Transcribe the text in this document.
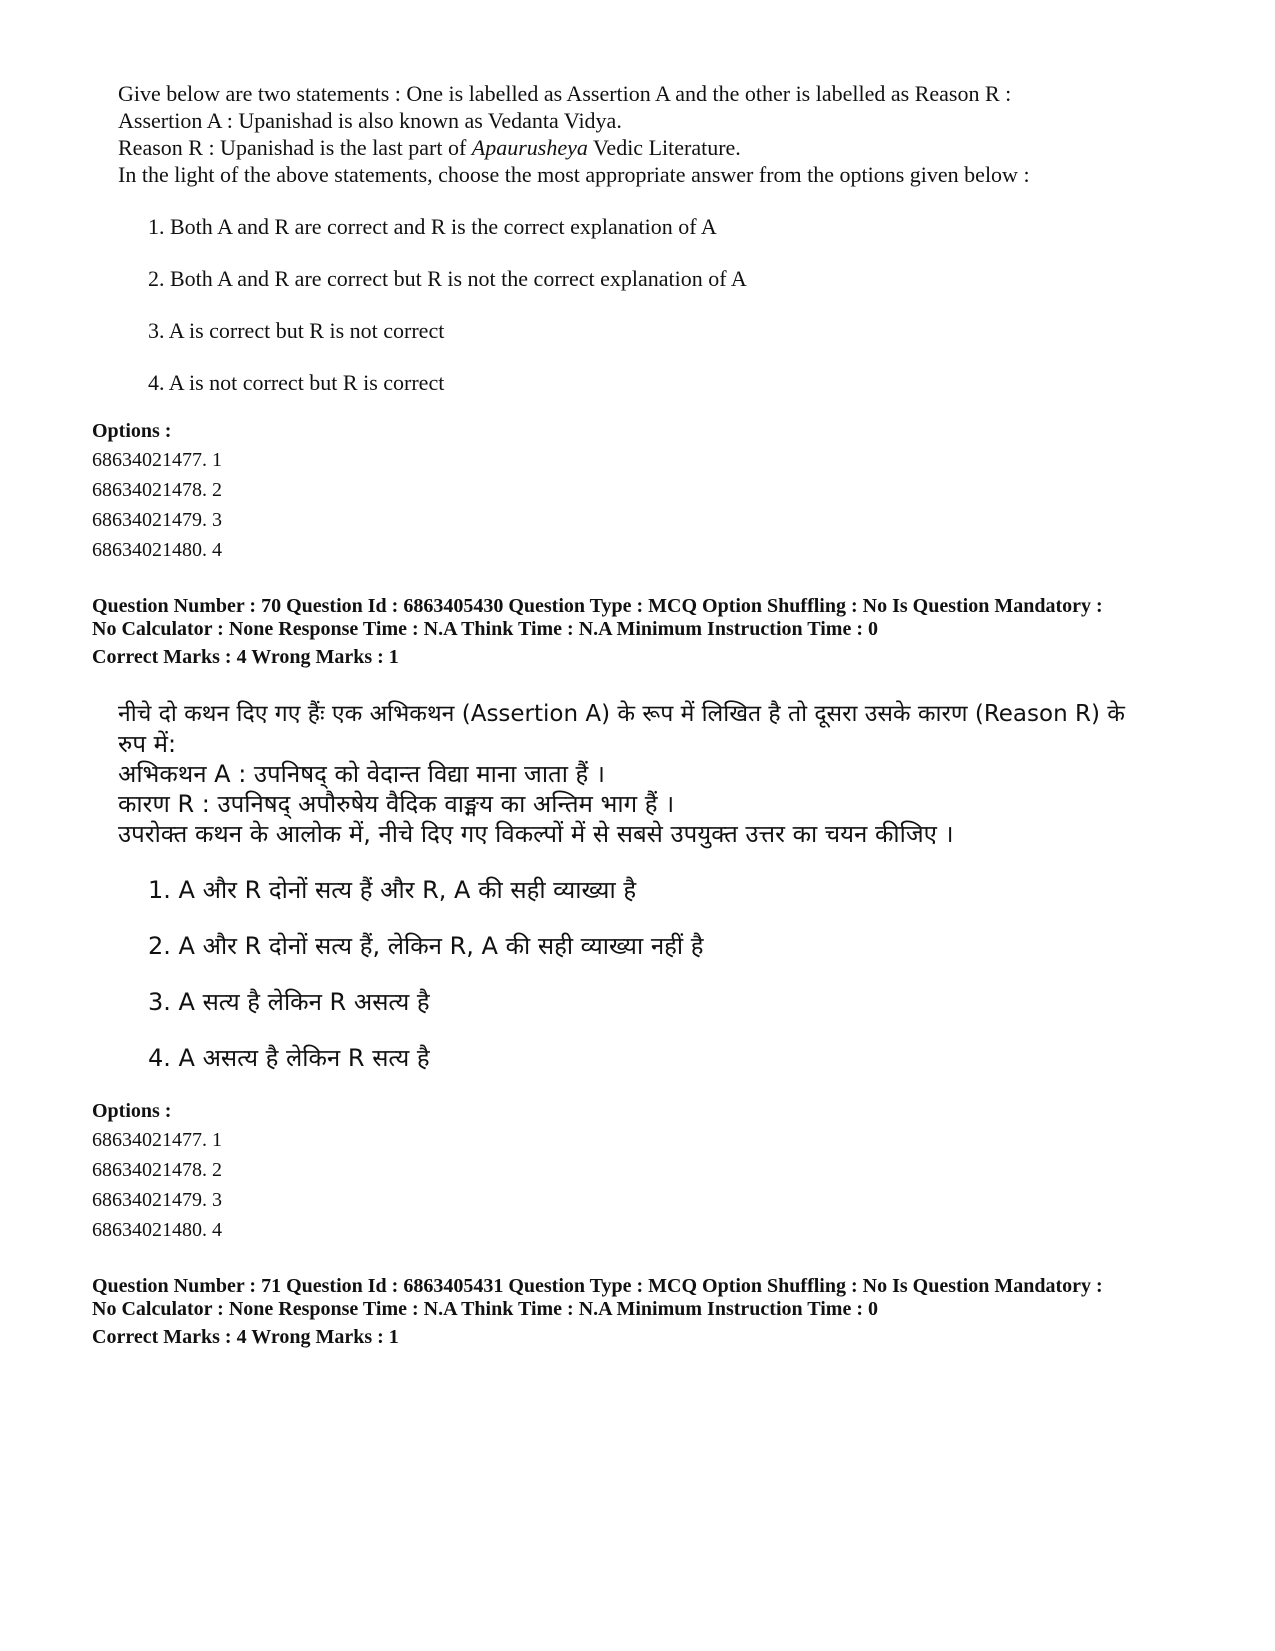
Give below are two statements : One is labelled as Assertion A and the other is labelled as Reason R :
Assertion A : Upanishad is also known as Vedanta Vidya.
Reason R : Upanishad is the last part of Apaurusheya Vedic Literature.
In the light of the above statements, choose the most appropriate answer from the options given below :
1. Both A and R are correct and R is the correct explanation of A
2. Both A and R are correct but R is not the correct explanation of A
3. A is correct but R is not correct
4. A is not correct but R is correct
Options :
68634021477. 1
68634021478. 2
68634021479. 3
68634021480. 4
Question Number : 70 Question Id : 6863405430 Question Type : MCQ Option Shuffling : No Is Question Mandatory :
No Calculator : None Response Time : N.A Think Time : N.A Minimum Instruction Time : 0
Correct Marks : 4 Wrong Marks : 1
नीचे दो कथन दिए गए हैंः एक अभिकथन (Assertion A) के रूप में लिखित है तो दूसरा उसके कारण (Reason R) के
रुप में:
अभिकथन A : उपनिषद् को वेदान्त विद्या माना जाता हैं ।
कारण R : उपनिषद् अपौरुषेय वैदिक वाङ्मय का अन्तिम भाग हैं ।
उपरोक्त कथन के आलोक में, नीचे दिए गए विकल्पों में से सबसे उपयुक्त उत्तर का चयन कीजिए ।
1. A और R दोनों सत्य हैं और R, A की सही व्याख्या है
2. A और R दोनों सत्य हैं, लेकिन R, A की सही व्याख्या नहीं है
3. A सत्य है लेकिन R असत्य है
4. A असत्य है लेकिन R सत्य है
Options :
68634021477. 1
68634021478. 2
68634021479. 3
68634021480. 4
Question Number : 71 Question Id : 6863405431 Question Type : MCQ Option Shuffling : No Is Question Mandatory :
No Calculator : None Response Time : N.A Think Time : N.A Minimum Instruction Time : 0
Correct Marks : 4 Wrong Marks : 1
